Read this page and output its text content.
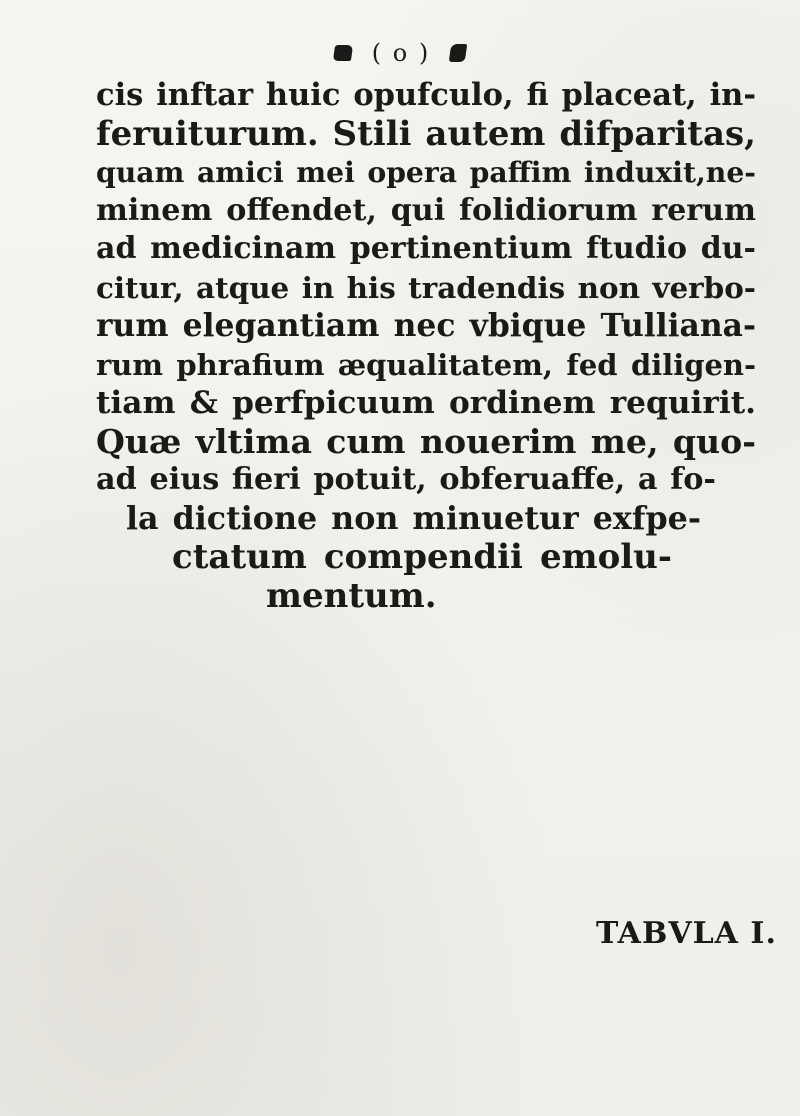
( o )
cis inftar huic opufculo, fi placeat, in-
feruiturum. Stili autem difparitas,
quam amici mei opera paffim induxit,ne-
minem offendet, qui folidiorum rerum
ad medicinam pertinentium ftudio du-
citur, atque in his tradendis non verbo-
rum elegantiam nec vbique Tulliana-
rum phrafium æqualitatem, fed diligen-
tiam & perfpicuum ordinem requirit.
Quæ vltima cum nouerim me, quo-
ad eius fieri potuit, obferuaffe, a fo-
la dictione non minuetur exfpe-
ctatum compendii emolu-
mentum.
TABVLA I.
